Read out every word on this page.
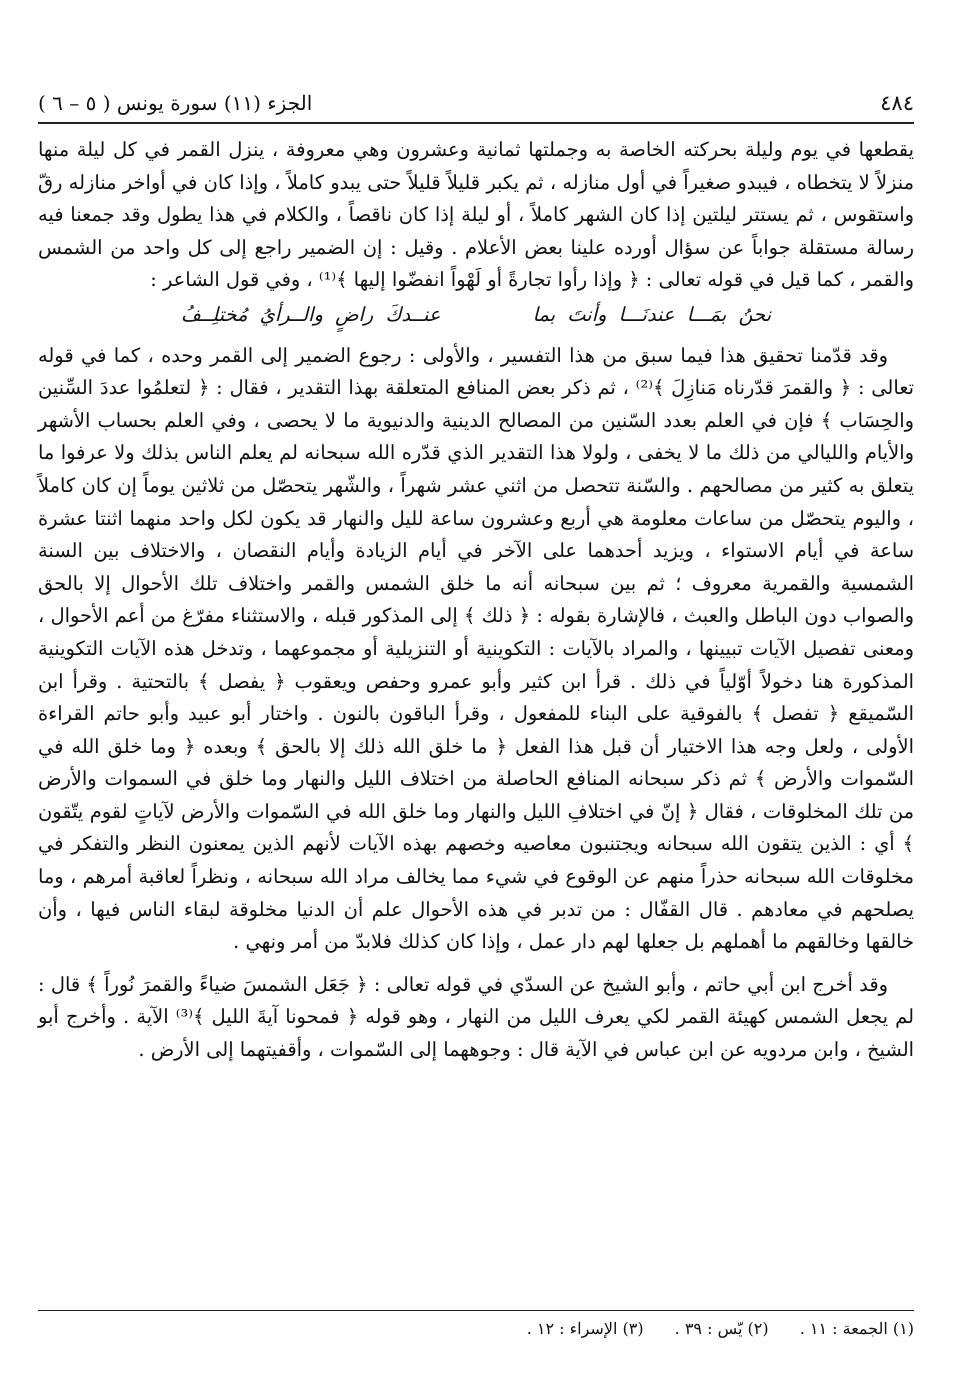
٤٨٤
الجزء (١١) سورة يونس ( ٥ – ٦ )

يقطعها في يوم وليلة بحركته الخاصة به وجملتها ثمانية وعشرون وهي معروفة ، ينزل القمر في كل ليلة منها منزلاً لا يتخطاه ، فيبدو صغيراً في أول منازله ، ثم يكبر قليلاً قليلاً حتى يبدو كاملاً ، وإذا كان في أواخر منازله رقّ واستقوس ، ثم يستتر ليلتين إذا كان الشهر كاملاً ، أو ليلة إذا كان ناقصاً ، والكلام في هذا يطول وقد جمعنا فيه رسالة مستقلة جواباً عن سؤال أورده علينا بعض الأعلام . وقيل : إن الضمير راجع إلى كل واحد من الشمس والقمر ، كما قيل في قوله تعالى : ﴿ وإذا رأوا تجارةً أو لَهْواً انفضّوا إليها ﴾⁽¹⁾ ، وفي قول الشاعر :

نحنُ بمَـــا عندنَـــا وأنتَ بما عنــدكَ راضٍ والــرأيُ مُختلِــفُ

وقد قدّمنا تحقيق هذا فيما سبق من هذا التفسير ، والأولى : رجوع الضمير إلى القمر وحده ، كما في قوله تعالى : ﴿ والقمرَ قدّرناه مَنازِلَ ﴾⁽²⁾ ، ثم ذكر بعض المنافع المتعلقة بهذا التقدير ، فقال : ﴿ لتعلمُوا عددَ السِّنين والحِسَاب ﴾ فإن في العلم بعدد السّنين من المصالح الدينية والدنيوية ما لا يحصى ، وفي العلم بحساب الأشهر والأيام والليالي من ذلك ما لا يخفى ، ولولا هذا التقدير الذي قدّره الله سبحانه لم يعلم الناس بذلك ولا عرفوا ما يتعلق به كثير من مصالحهم . والسّنة تتحصل من اثني عشر شهراً ، والشّهر يتحصّل من ثلاثين يوماً إن كان كاملاً ، واليوم يتحصّل من ساعات معلومة هي أربع وعشرون ساعة لليل والنهار قد يكون لكل واحد منهما اثنتا عشرة ساعة في أيام الاستواء ، ويزيد أحدهما على الآخر في أيام الزيادة وأيام النقصان ، والاختلاف بين السنة الشمسية والقمرية معروف ؛ ثم بين سبحانه أنه ما خلق الشمس والقمر واختلاف تلك الأحوال إلا بالحق والصواب دون الباطل والعبث ، فالإشارة بقوله : ﴿ ذلك ﴾ إلى المذكور قبله ، والاستثناء مفرّغ من أعم الأحوال ، ومعنى تفصيل الآيات تبيينها ، والمراد بالآيات : التكوينية أو التنزيلية أو مجموعهما ، وتدخل هذه الآيات التكوينية المذكورة هنا دخولاً أوّلياً في ذلك . قرأ ابن كثير وأبو عمرو وحفص ويعقوب ﴿ يفصل ﴾ بالتحتية . وقرأ ابن السّميقع ﴿ تفصل ﴾ بالفوقية على البناء للمفعول ، وقرأ الباقون بالنون . واختار أبو عبيد وأبو حاتم القراءة الأولى ، ولعل وجه هذا الاختيار أن قبل هذا الفعل ﴿ ما خلق الله ذلك إلا بالحق ﴾ وبعده ﴿ وما خلق الله في السّموات والأرض ﴾ ثم ذكر سبحانه المنافع الحاصلة من اختلاف الليل والنهار وما خلق في السموات والأرض من تلك المخلوقات ، فقال ﴿ إنّ في اختلافِ الليل والنهار وما خلق الله في السّموات والأرض لآياتٍ لقوم يتّقون ﴾ أي : الذين يتقون الله سبحانه ويجتنبون معاصيه وخصهم بهذه الآيات لأنهم الذين يمعنون النظر والتفكر في مخلوقات الله سبحانه حذراً منهم عن الوقوع في شيء مما يخالف مراد الله سبحانه ، ونظراً لعاقبة أمرهم ، وما يصلحهم في معادهم . قال القفّال : من تدبر في هذه الأحوال علم أن الدنيا مخلوقة لبقاء الناس فيها ، وأن خالقها وخالقهم ما أهملهم بل جعلها لهم دار عمل ، وإذا كان كذلك فلابدّ من أمر ونهي .

وقد أخرج ابن أبي حاتم ، وأبو الشيخ عن السدّي في قوله تعالى : ﴿ جَعَل الشمسَ ضياءً والقمرَ نُوراً ﴾ قال : لم يجعل الشمس كهيئة القمر لكي يعرف الليل من النهار ، وهو قوله ﴿ فمحونا آيةَ الليل ﴾⁽³⁾ الآية . وأخرج أبو الشيخ ، وابن مردويه عن ابن عباس في الآية قال : وجوههما إلى السّموات ، وأقفيتهما إلى الأرض .

(١) الجمعة : ١١ . (٢) يّس : ٣٩ . (٣) الإسراء : ١٢ .
